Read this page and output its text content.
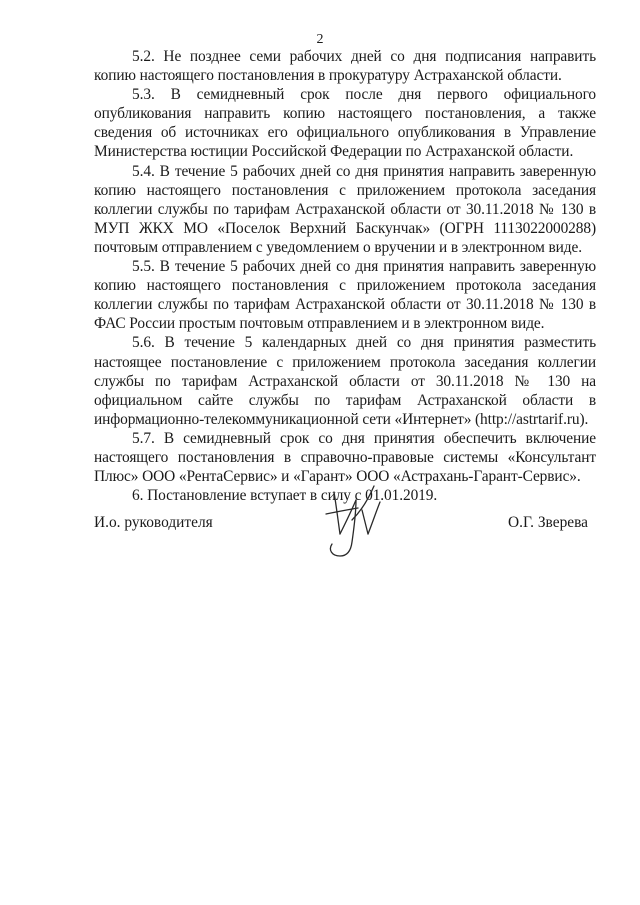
2

5.2. Не позднее семи рабочих дней со дня подписания направить копию настоящего постановления в прокуратуру Астраханской области.

5.3. В семидневный срок после дня первого официального опубликования направить копию настоящего постановления, а также сведения об источниках его официального опубликования в Управление Министерства юстиции Российской Федерации по Астраханской области.

5.4. В течение 5 рабочих дней со дня принятия направить заверенную копию настоящего постановления с приложением протокола заседания коллегии службы по тарифам Астраханской области от 30.11.2018 № 130 в МУП ЖКХ МО «Поселок Верхний Баскунчак» (ОГРН 1113022000288) почтовым отправлением с уведомлением о вручении и в электронном виде.

5.5. В течение 5 рабочих дней со дня принятия направить заверенную копию настоящего постановления с приложением протокола заседания коллегии службы по тарифам Астраханской области от 30.11.2018 № 130 в ФАС России простым почтовым отправлением и в электронном виде.

5.6. В течение 5 календарных дней со дня принятия разместить настоящее постановление с приложением протокола заседания коллегии службы по тарифам Астраханской области от 30.11.2018 № 130 на официальном сайте службы по тарифам Астраханской области в информационно-телекоммуникационной сети «Интернет» (http://astrtarif.ru).

5.7. В семидневный срок со дня принятия обеспечить включение настоящего постановления в справочно-правовые системы «Консультант Плюс» ООО «РентаСервис» и «Гарант» ООО «Астрахань-Гарант-Сервис».

6. Постановление вступает в силу с 01.01.2019.

И.о. руководителя	О.Г. Зверева
